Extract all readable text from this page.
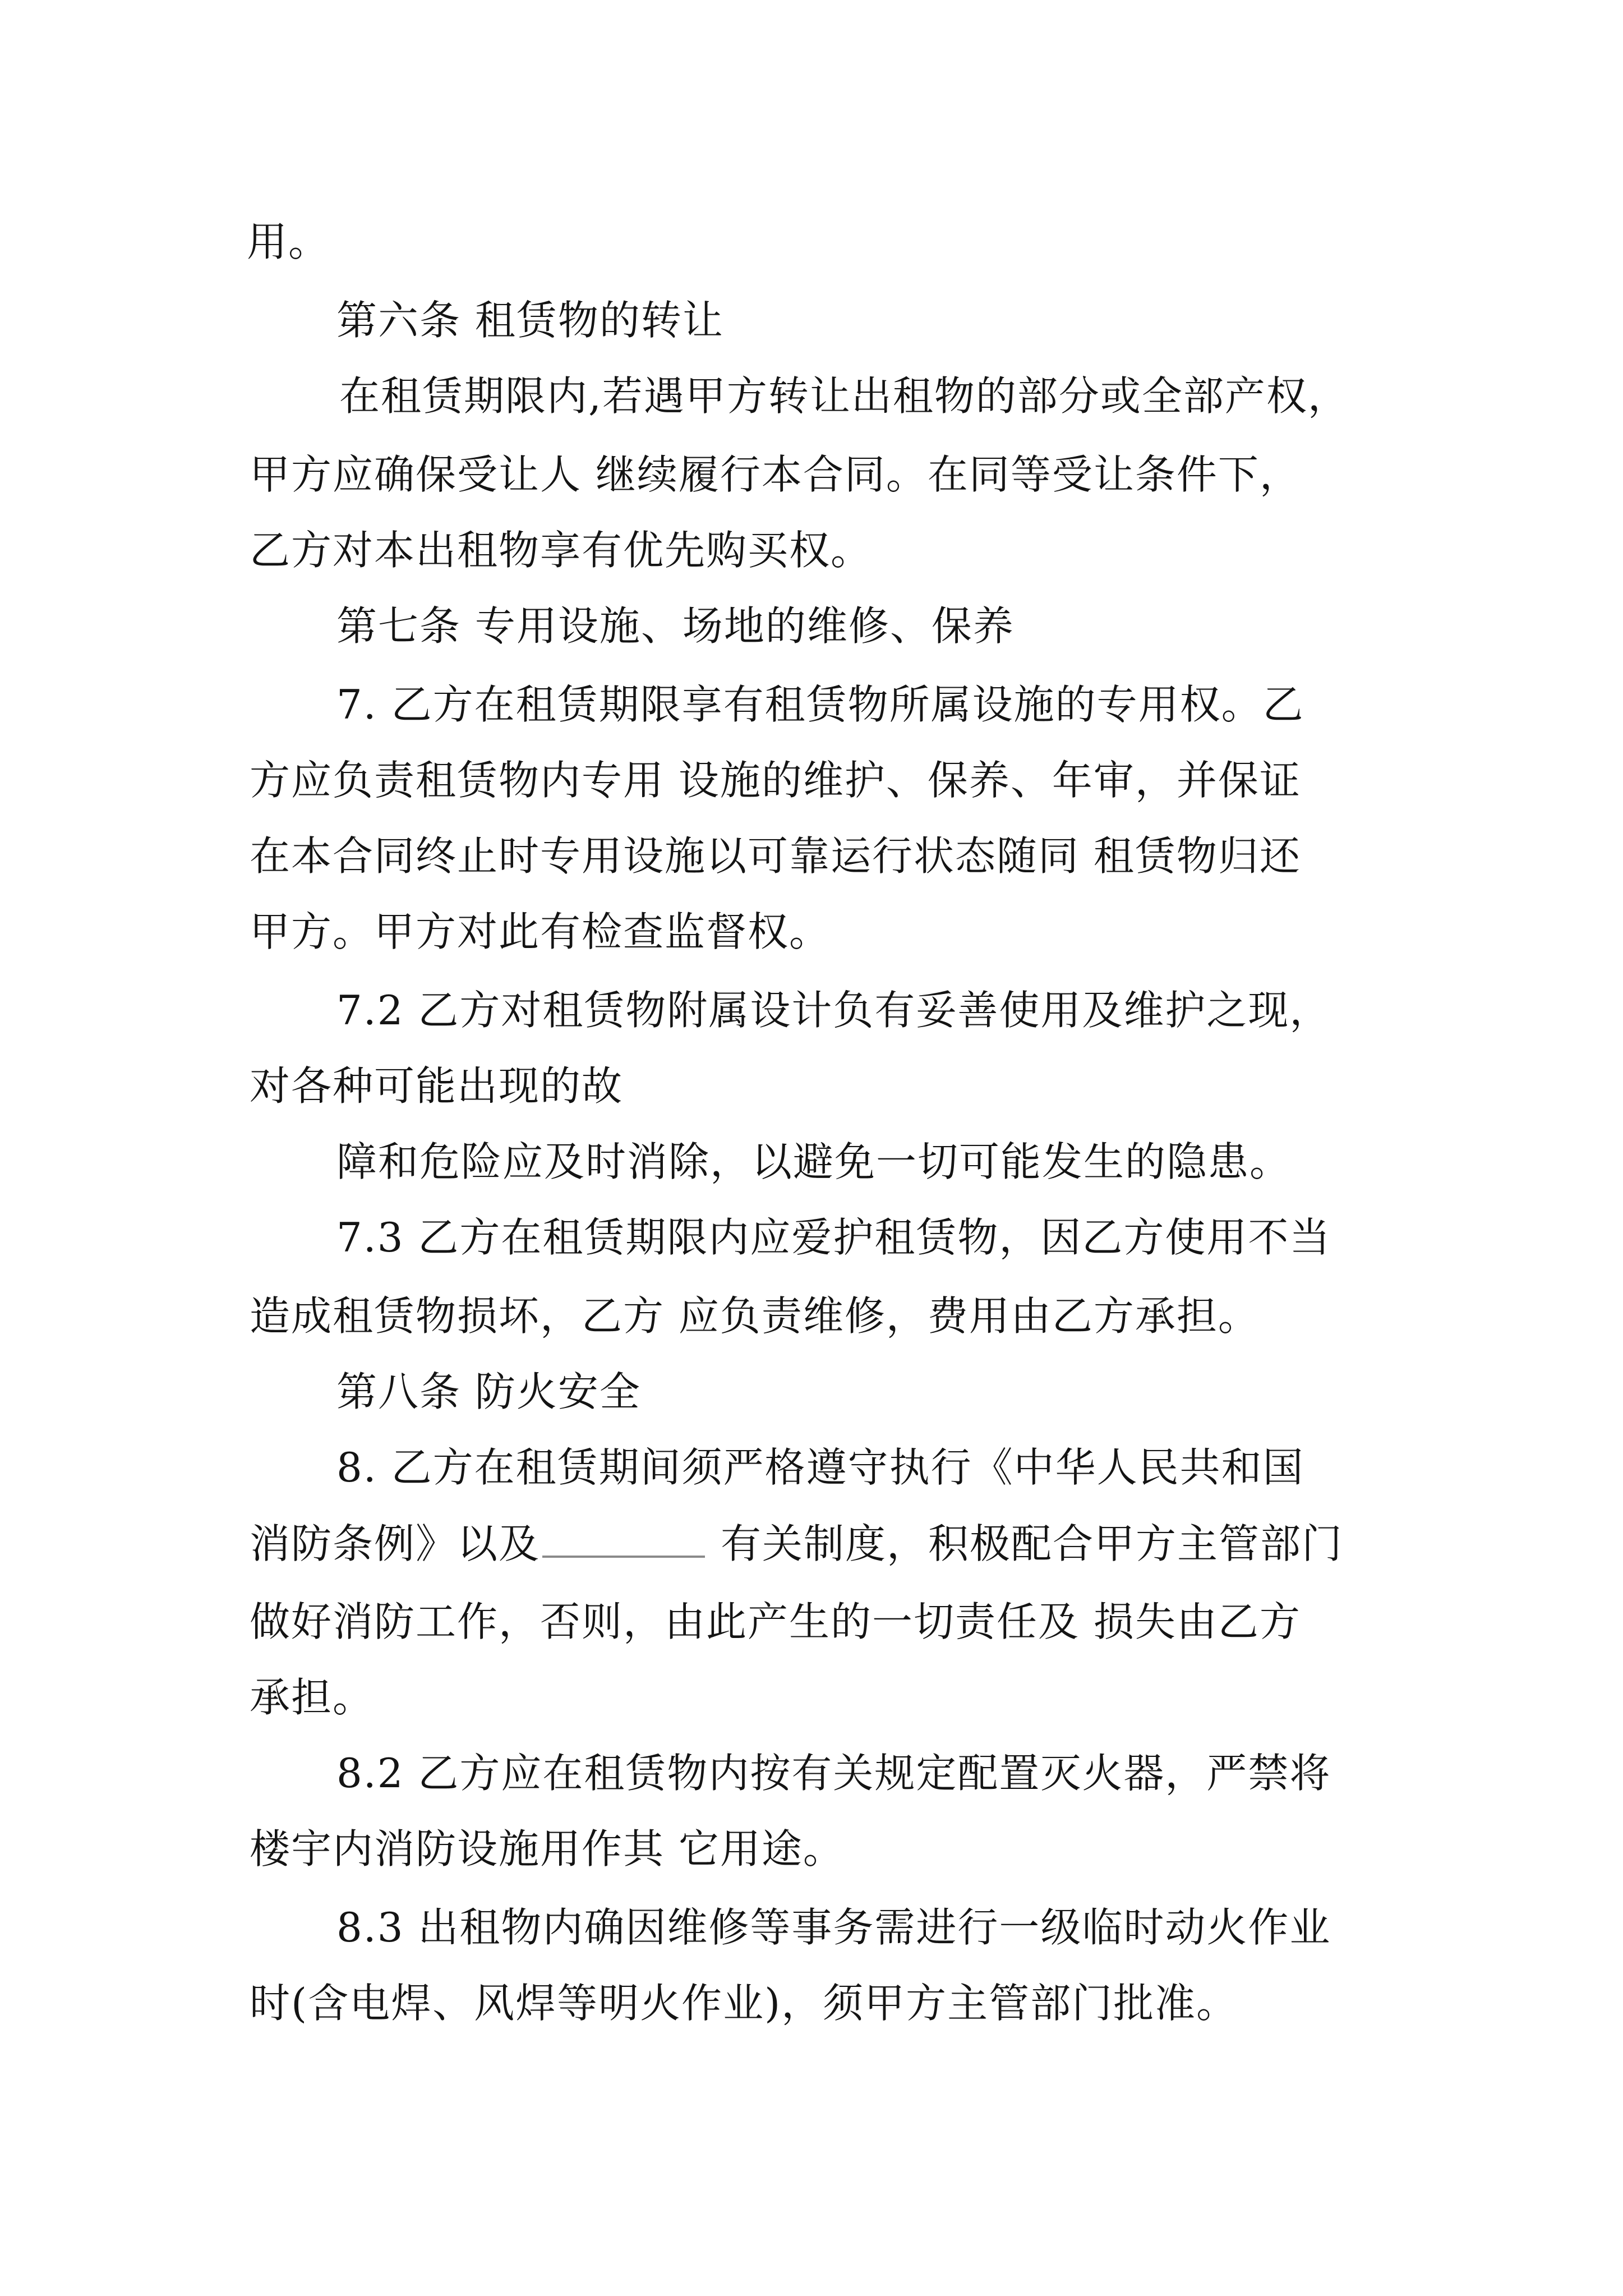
用。

第六条 租赁物的转让

在租赁期限内,若遇甲方转让出租物的部分或全部产权，

甲方应确保受让人 继续履行本合同。在同等受让条件下，

乙方对本出租物享有优先购买权。

第七条 专用设施、场地的维修、保养

7. 乙方在租赁期限享有租赁物所属设施的专用权。乙

方应负责租赁物内专用 设施的维护、保养、年审，并保证

在本合同终止时专用设施以可靠运行状态随同 租赁物归还

甲方。甲方对此有检查监督权。

7.2 乙方对租赁物附属设计负有妥善使用及维护之现，

对各种可能出现的故

障和危险应及时消除，以避免一切可能发生的隐患。

7.3 乙方在租赁期限内应爱护租赁物，因乙方使用不当

造成租赁物损坏，乙方 应负责维修，费用由乙方承担。

第八条 防火安全

8. 乙方在租赁期间须严格遵守执行《中华人民共和国

消防条例》以及	有关制度，积极配合甲方主管部门

做好消防工作，否则，由此产生的一切责任及 损失由乙方

承担。

8.2 乙方应在租赁物内按有关规定配置灭火器，严禁将

楼宇内消防设施用作其 它用途。

8.3 出租物内确因维修等事务需进行一级临时动火作业

时(含电焊、风焊等明火作业)，须甲方主管部门批准。
